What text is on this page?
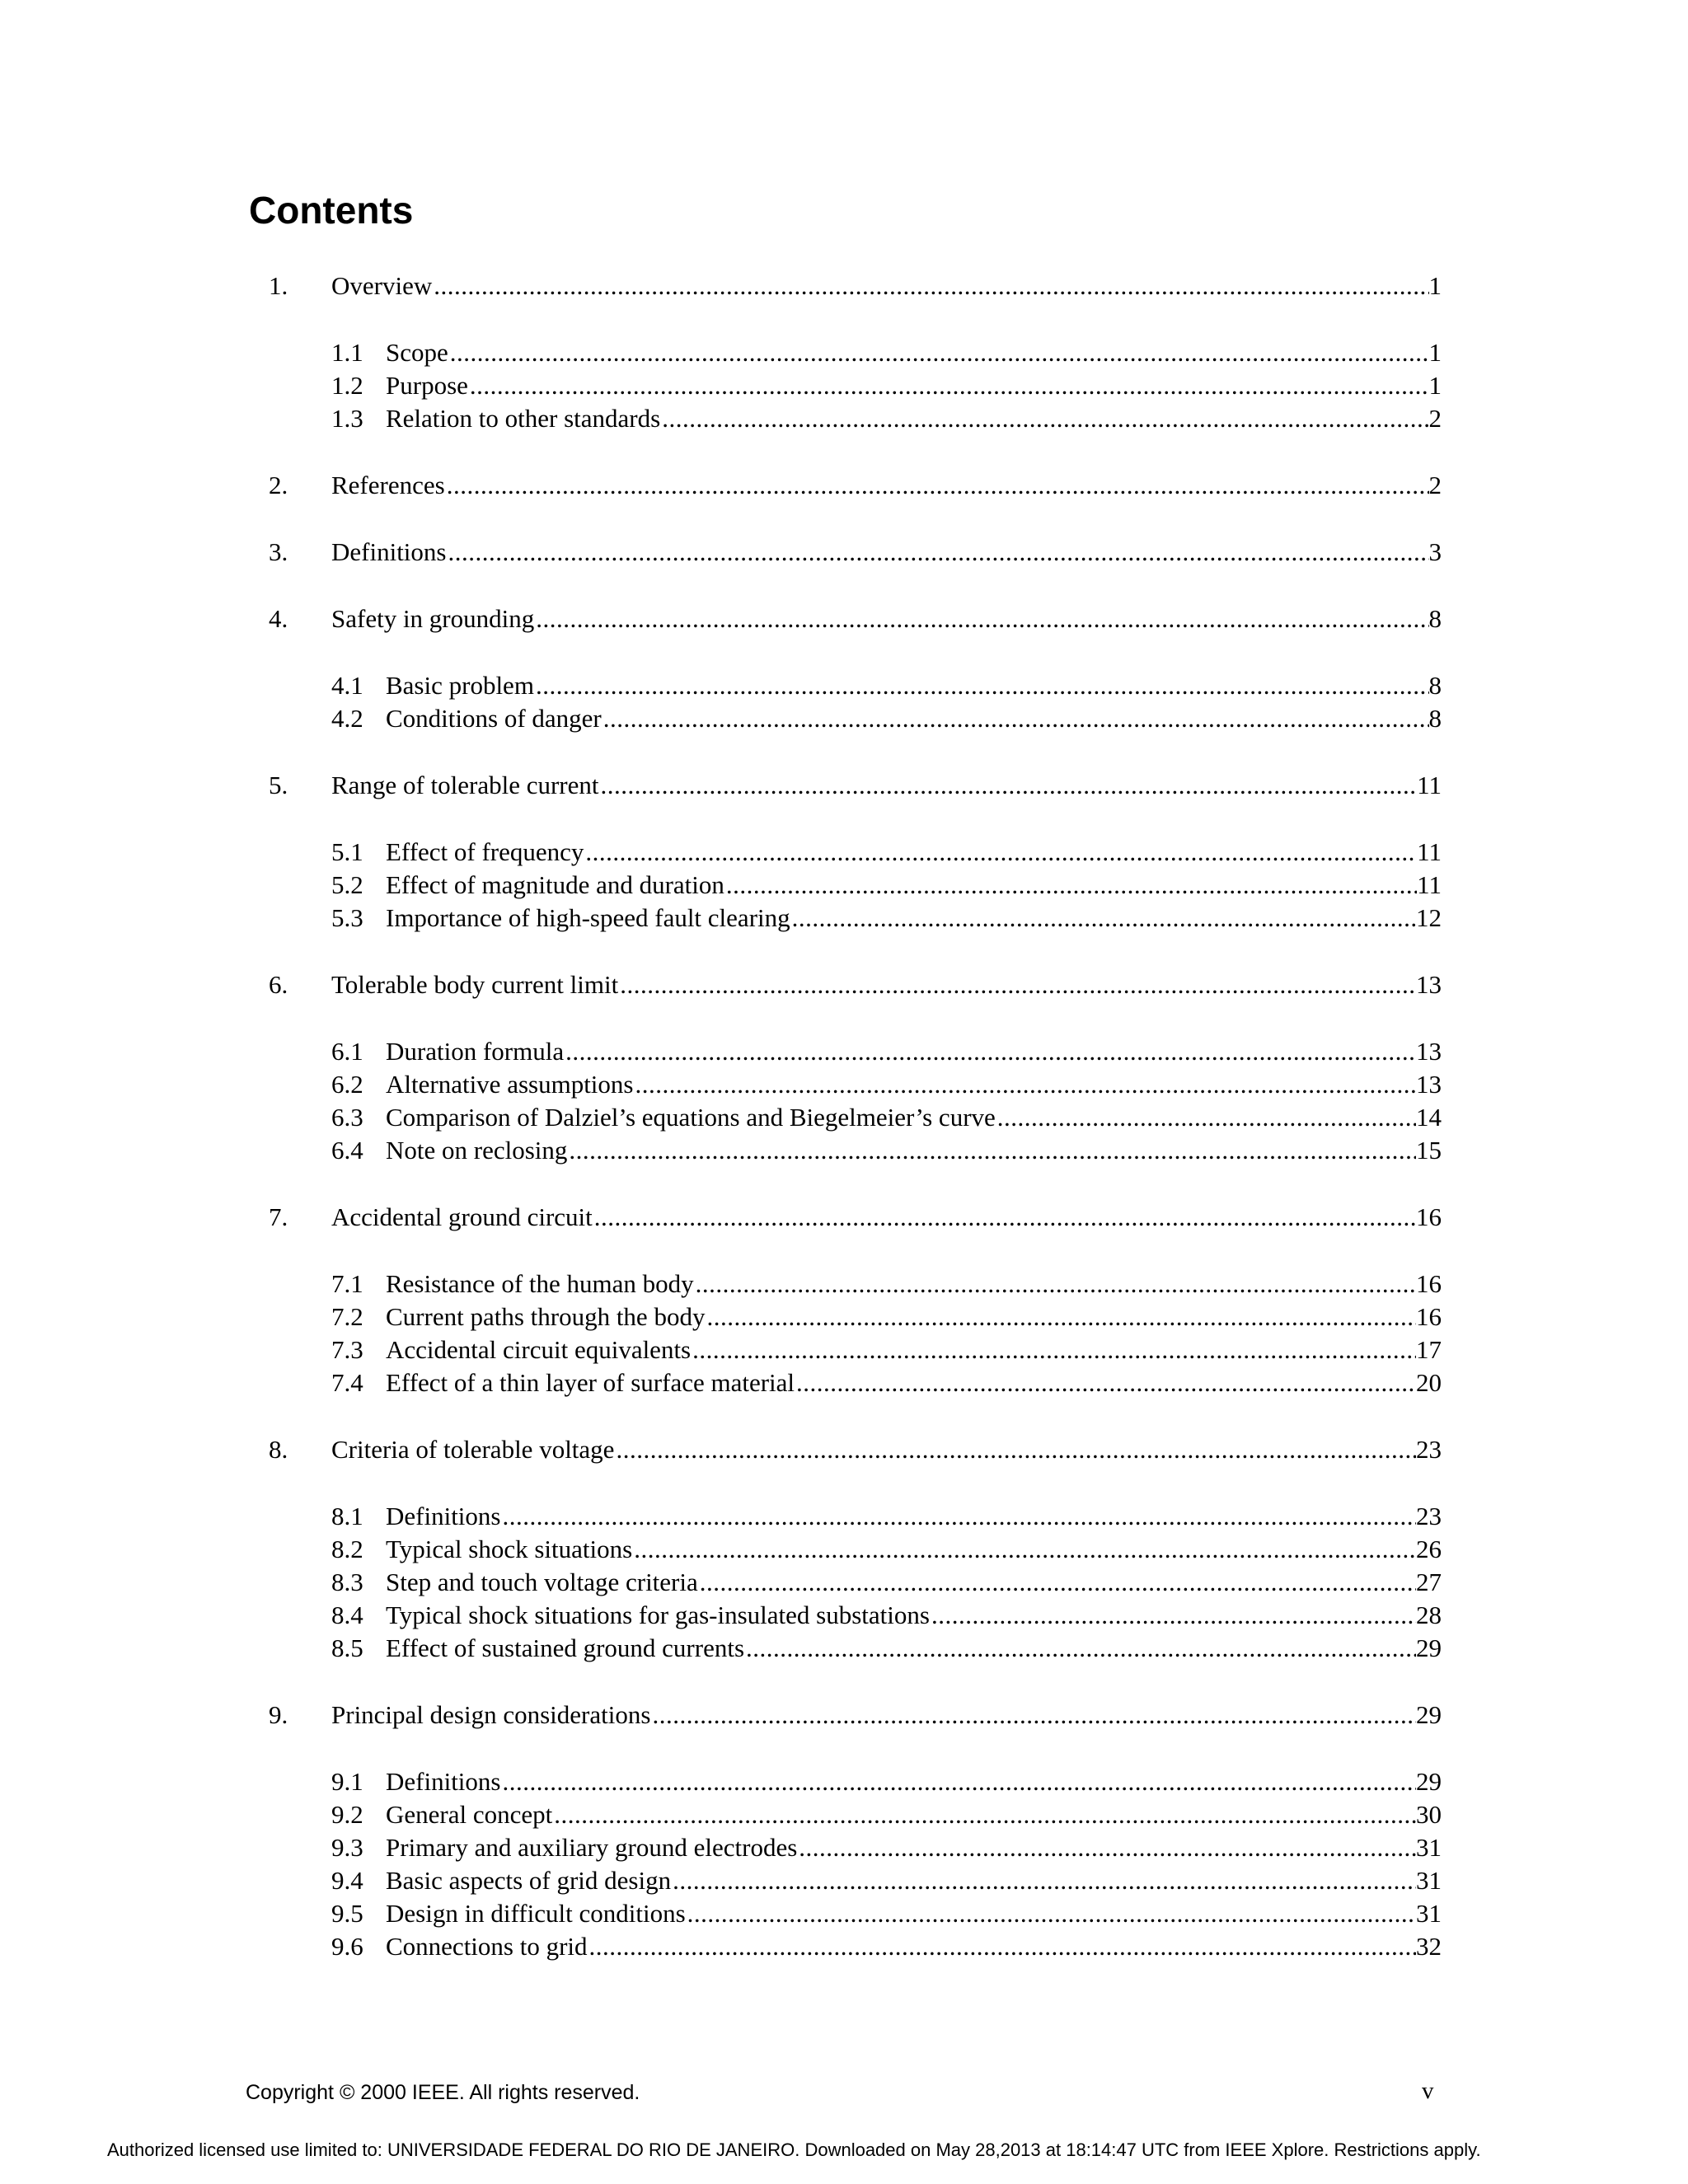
Contents
1.	Overview .....	1
1.1 Scope .....	1
1.2 Purpose .....	1
1.3 Relation to other standards .....	2
2.	References .....	2
3.	Definitions .....	3
4.	Safety in grounding .....	8
4.1 Basic problem .....	8
4.2 Conditions of danger .....	8
5.	Range of tolerable current .....	11
5.1 Effect of frequency .....	11
5.2 Effect of magnitude and duration .....	11
5.3 Importance of high-speed fault clearing .....	12
6.	Tolerable body current limit .....	13
6.1 Duration formula .....	13
6.2 Alternative assumptions .....	13
6.3 Comparison of Dalziel’s equations and Biegelmeier’s curve .....	14
6.4 Note on reclosing .....	15
7.	Accidental ground circuit .....	16
7.1 Resistance of the human body .....	16
7.2 Current paths through the body .....	16
7.3 Accidental circuit equivalents .....	17
7.4 Effect of a thin layer of surface material .....	20
8.	Criteria of tolerable voltage .....	23
8.1 Definitions .....	23
8.2 Typical shock situations .....	26
8.3 Step and touch voltage criteria .....	27
8.4 Typical shock situations for gas-insulated substations .....	28
8.5 Effect of sustained ground currents .....	29
9.	Principal design considerations .....	29
9.1 Definitions .....	29
9.2 General concept .....	30
9.3 Primary and auxiliary ground electrodes .....	31
9.4 Basic aspects of grid design .....	31
9.5 Design in difficult conditions .....	31
9.6 Connections to grid .....	32
Copyright © 2000 IEEE. All rights reserved.	v
Authorized licensed use limited to: UNIVERSIDADE FEDERAL DO RIO DE JANEIRO. Downloaded on May 28,2013 at 18:14:47 UTC from IEEE Xplore. Restrictions apply.
